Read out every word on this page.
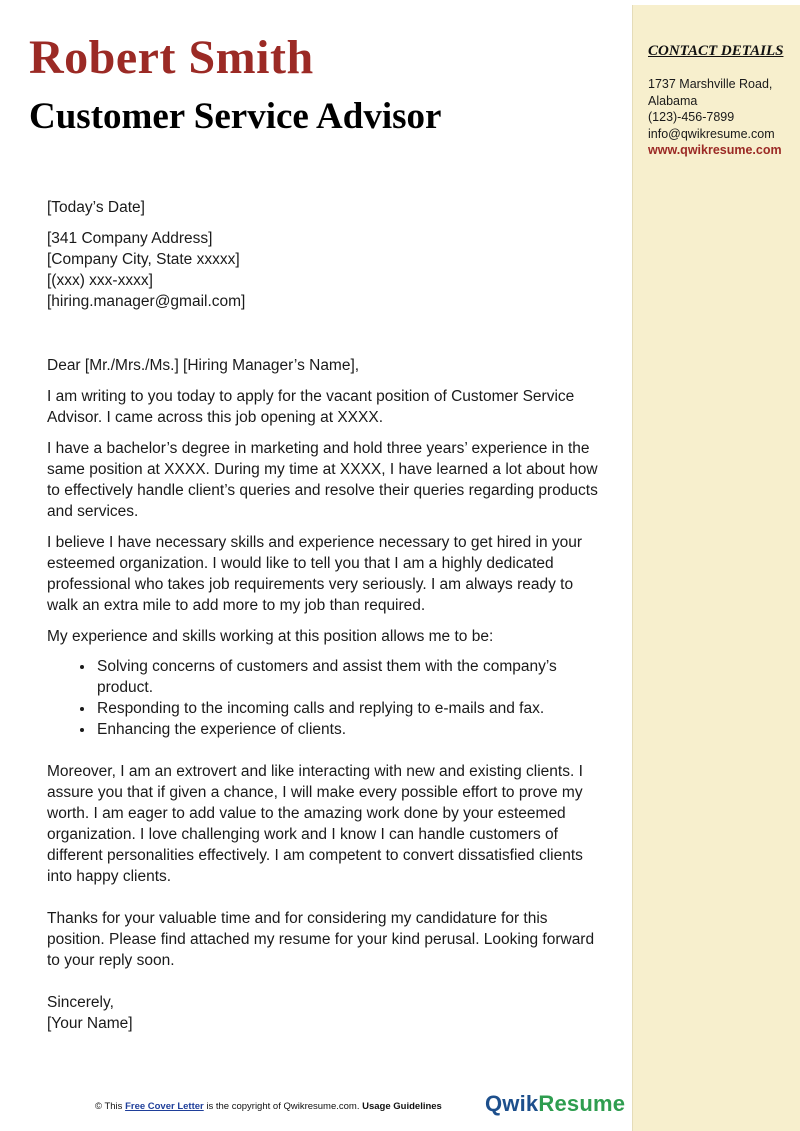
CONTACT DETAILS
1737 Marshville Road,
Alabama
(123)-456-7899
info@qwikresume.com
www.qwikresume.com
Robert Smith
Customer Service Advisor
[Today’s Date]
[341 Company Address]
[Company City, State xxxxx]
[(xxx) xxx-xxxx]
[hiring.manager@gmail.com]

Dear [Mr./Mrs./Ms.] [Hiring Manager’s Name],

I am writing to you today to apply for the vacant position of Customer Service Advisor. I came across this job opening at XXXX.

I have a bachelor’s degree in marketing and hold three years’ experience in the same position at XXXX. During my time at XXXX, I have learned a lot about how to effectively handle client’s queries and resolve their queries regarding products and services.

I believe I have necessary skills and experience necessary to get hired in your esteemed organization. I would like to tell you that I am a highly dedicated professional who takes job requirements very seriously. I am always ready to walk an extra mile to add more to my job than required.

My experience and skills working at this position allows me to be:

• Solving concerns of customers and assist them with the company’s product.
• Responding to the incoming calls and replying to e-mails and fax.
• Enhancing the experience of clients.

Moreover, I am an extrovert and like interacting with new and existing clients. I assure you that if given a chance, I will make every possible effort to prove my worth. I am eager to add value to the amazing work done by your esteemed organization. I love challenging work and I know I can handle customers of different personalities effectively. I am competent to convert dissatisfied clients into happy clients.

Thanks for your valuable time and for considering my candidature for this position. Please find attached my resume for your kind perusal. Looking forward to your reply soon.

Sincerely,
[Your Name]
© This Free Cover Letter is the copyright of Qwikresume.com. Usage Guidelines QwikResume
